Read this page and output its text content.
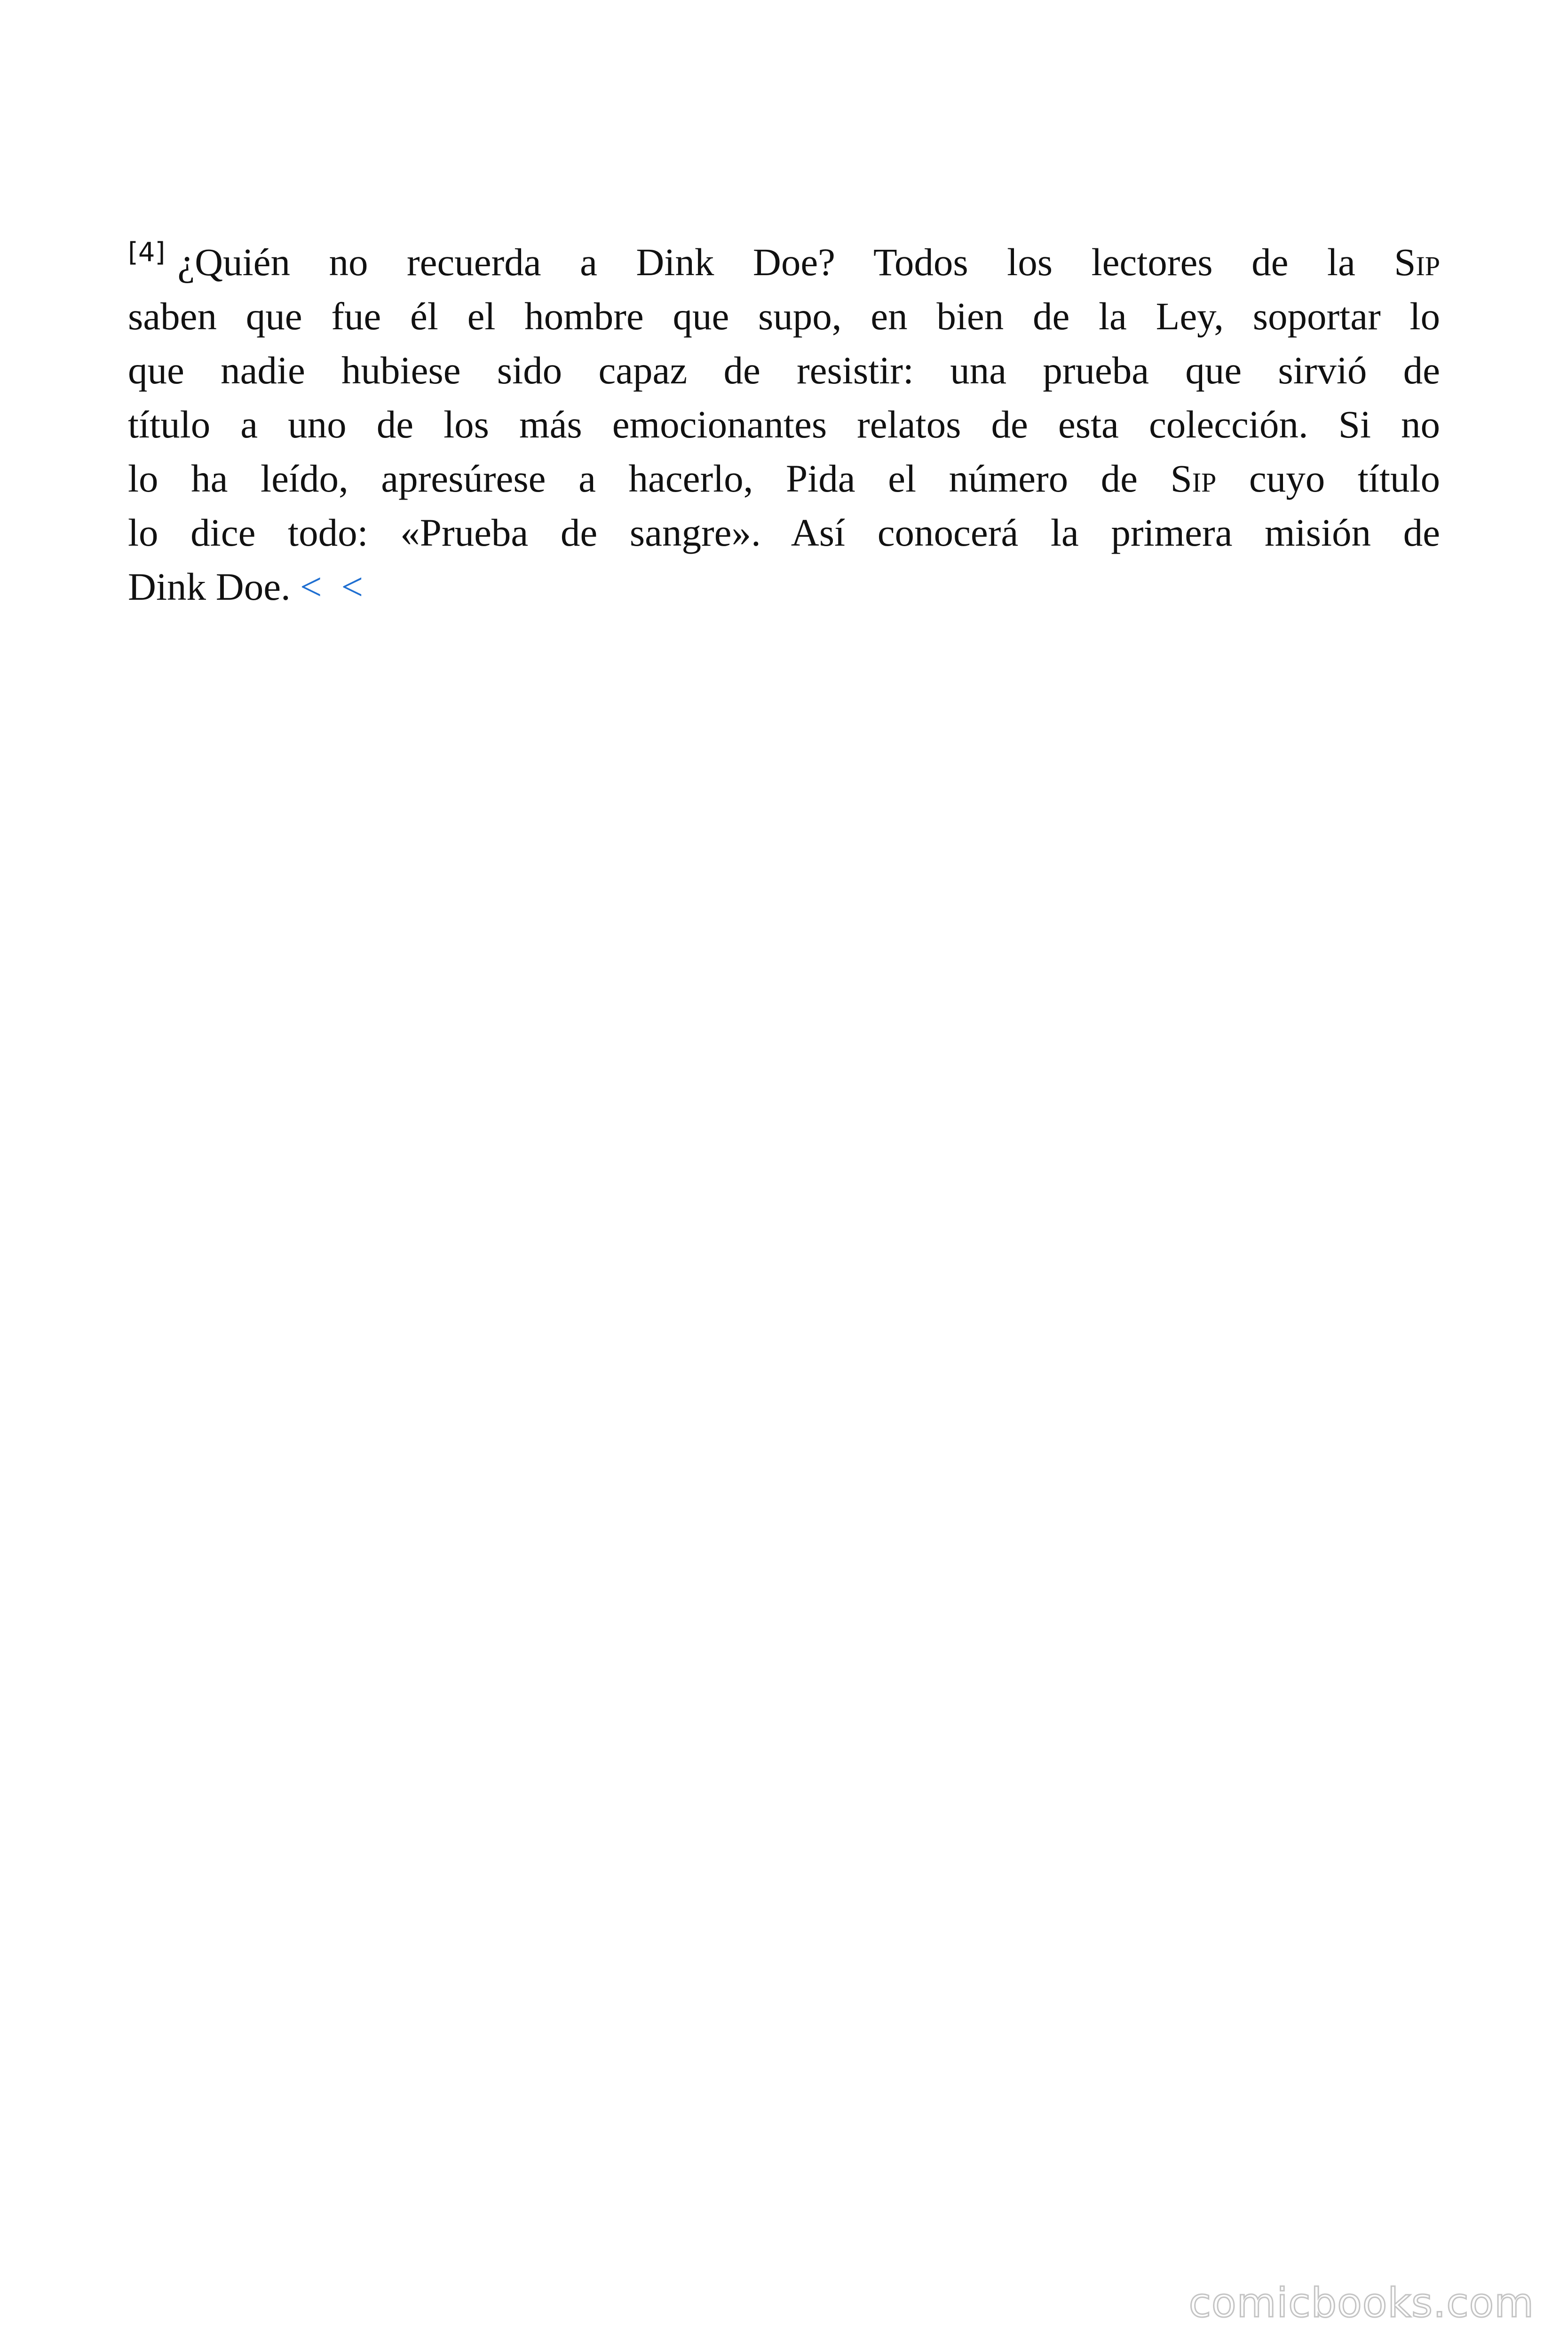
[4] ¿Quién no recuerda a Dink Doe? Todos los lectores de la Sip
saben que fue él el hombre que supo, en bien de la Ley, soportar lo
que nadie hubiese sido capaz de resistir: una prueba que sirvió de
título a uno de los más emocionantes relatos de esta colección. Si no
lo ha leído, apresúrese a hacerlo, Pida el número de Sip cuyo título
lo dice todo: «Prueba de sangre». Así conocerá la primera misión de
Dink Doe. < <
comicbooks.com
